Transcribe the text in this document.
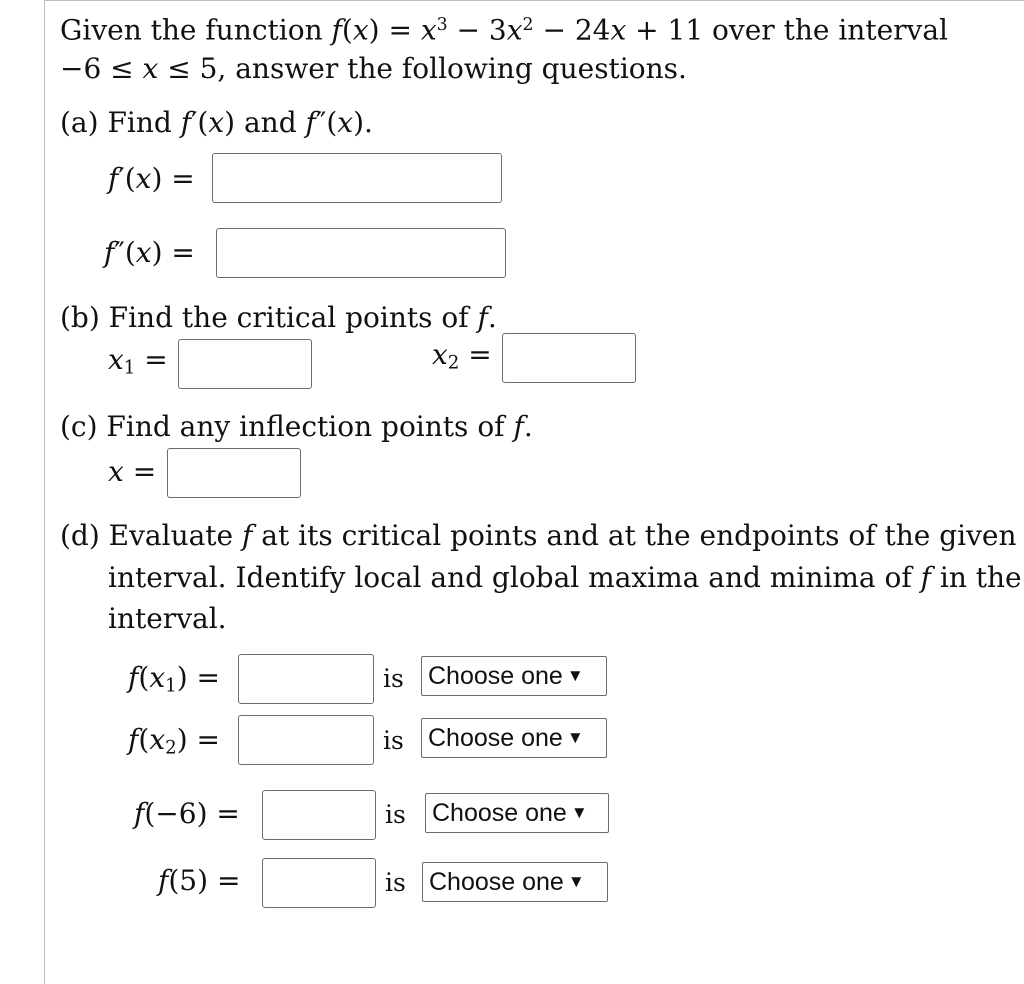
Given the function $f(x) = x^3 - 3x^2 - 24x + 11$ over the interval
−6 ≤ x ≤ 5, answer the following questions.
(a) Find f′(x) and f″(x).
f′(x) =
f″(x) =
(b) Find the critical points of f.
x1 =	x2 =
(c) Find any inflection points of f.
x =
(d) Evaluate f at its critical points and at the endpoints of the given
interval. Identify local and global maxima and minima of f in the
interval.
f(x1) =	is Choose one ▼
f(x2) =	is Choose one ▼
f(−6) =	is Choose one ▼
f(5) =	is Choose one ▼
